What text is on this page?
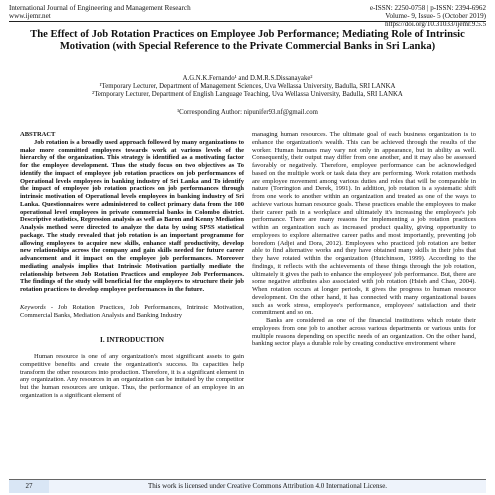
International Journal of Engineering and Management Research
www.ijemr.net
e-ISSN: 2250-0758 | p-ISSN: 2394-6962
Volume- 9, Issue- 5 (October 2019)
https://doi.org/10.31033/ijemr.9.5.5
The Effect of Job Rotation Practices on Employee Job Performance; Mediating Role of Intrinsic Motivation (with Special Reference to the Private Commercial Banks in Sri Lanka)
A.G.N.K.Fernando¹ and D.M.R.S.Dissanayake²
¹Temporary Lecturer, Department of Management Sciences, Uva Wellassa University, Badulla, SRI LANKA
²Temporary Lecturer, Department of English Language Teaching, Uva Wellassa University, Badulla, SRI LANKA
¹Corresponding Author: nipunifer93.nf@gmail.com
ABSTRACT

Job rotation is a broadly used approach followed by many organizations to make more committed employees towards work at various levels of the hierarchy of the organization. This strategy is identified as a motivating factor for the employee development. Thus the study focus on two objectives as To identify the impact of employee job rotation practices on job performances of Operational levels employees in banking industry of Sri Lanka and To identify the impact of employee job rotation practices on job performances through intrinsic motivation of Operational levels employees in banking industry of Sri Lanka. Questionnaires were administered to collect primary data from the 100 operational level employees in private commercial banks in Colombo district. Descriptive statistics, Regression analysis as well as Baron and Kenny Mediation Analysis method were directed to analyze the data by using SPSS statistical package. The study revealed that job rotation is an important programme for allowing employees to acquire new skills, enhance staff productivity, develop new relationships across the company and gain skills needed for future career advancement and it impact on the employee job performances. Moreover mediating analysis implies that Intrinsic Motivation partially mediate the relationship between Job Rotation Practices and employee Job Performances. The findings of the study will beneficial for the employers to structure their job rotation practices to develop employee performances in the future.

Keywords - Job Rotation Practices, Job Performances, Intrinsic Motivation, Commercial Banks, Mediation Analysis and Banking Industry

I. INTRODUCTION

Human resource is one of any organization's most significant assets to gain competitive benefits and create the organization's success. Its capacities help transform the other resources into production. Therefore, it is a significant element in any organization. Any resources in an organization can be imitated by the competitor but the human resources are unique. Thus, the performance of an employee in an organization is a significant element of

managing human resources. The ultimate goal of each business organization is to enhance the organization's wealth. This can be achieved through the results of the worker. Human humans may vary not only in appearance, but in ability as well. Consequently, their output may differ from one another, and it may also be assessed favorably or negatively. Therefore, employee performance can be acknowledged based on the multiple work or task data they are performing. Work rotation methods are employee movement among various duties and roles that will be comparable in nature (Torrington and Derek, 1991). In addition, job rotation is a systematic shift from one work to another within an organization and treated as one of the ways to achieve various human resource goals. These practices enable the employees to make their career path in a workplace and ultimately it's increasing the employee's job performance. There are many reasons for implementing a job rotation practices within an organization such as increased product quality, giving opportunity to employees to explore alternative career paths and most importantly, preventing job boredom (Adjei and Dora, 2012). Employees who practiced job rotation are better able to find alternative works and they have obtained many skills in their jobs that they have rotated within the organization (Hutchinson, 1999). According to the findings, it reflects with the achievements of these things through the job rotation, ultimately it gives the path to enhance the employees' job performance. But, there are some negative attributes also associated with job rotation (Hsieh and Chao, 2004). When rotation occurs at longer periods, it gives the progress to human resource development. On the other hand, it has connected with many organizational issues such as work stress, employee's performance, employees' satisfaction and their commitment and so on.

Banks are considered as one of the financial institutions which rotate their employees from one job to another across various departments or various units for multiple reasons depending on specific needs of an organization. On the other hand, banking sector plays a durable role by creating conductive environment where

27	This work is licensed under Creative Commons Attribution 4.0 International License.
